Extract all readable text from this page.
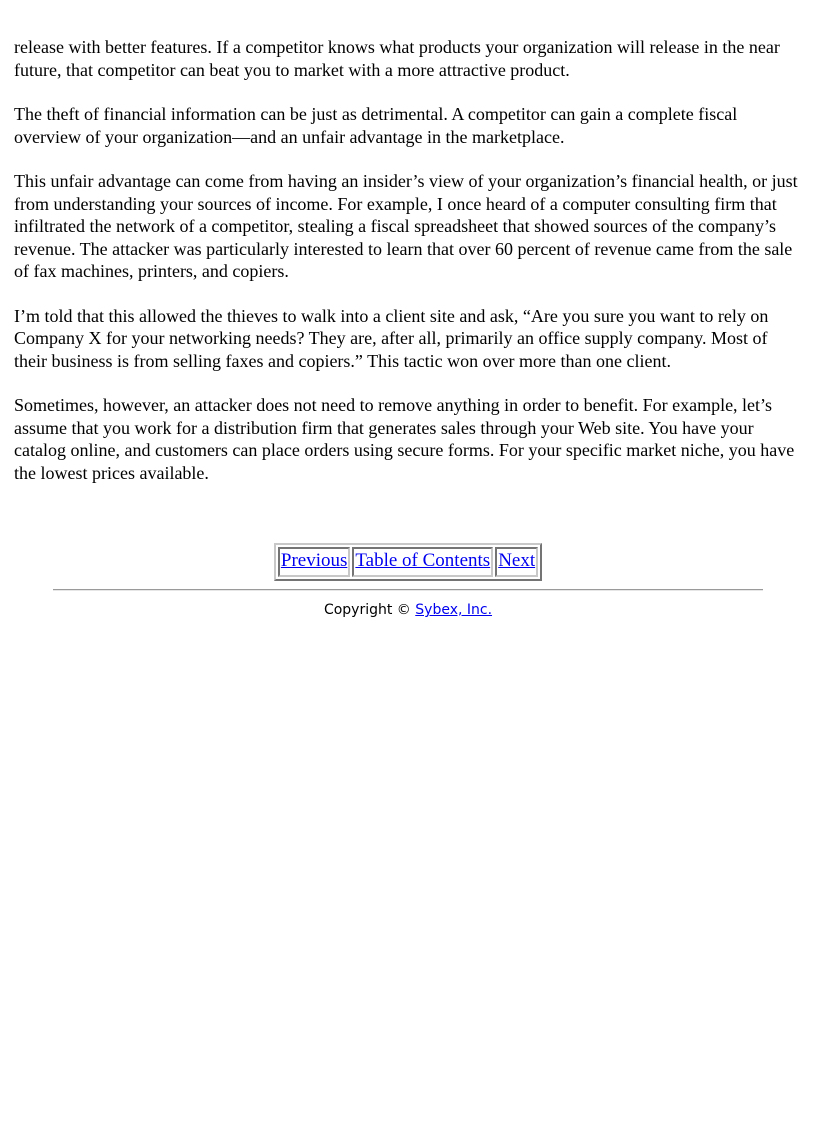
release with better features. If a competitor knows what products your organization will release in the near future, that competitor can beat you to market with a more attractive product.

The theft of financial information can be just as detrimental. A competitor can gain a complete fiscal overview of your organization—and an unfair advantage in the marketplace.

This unfair advantage can come from having an insider’s view of your organization’s financial health, or just from understanding your sources of income. For example, I once heard of a computer consulting firm that infiltrated the network of a competitor, stealing a fiscal spreadsheet that showed sources of the company’s revenue. The attacker was particularly interested to learn that over 60 percent of revenue came from the sale of fax machines, printers, and copiers.

I’m told that this allowed the thieves to walk into a client site and ask, “Are you sure you want to rely on Company X for your networking needs? They are, after all, primarily an office supply company. Most of their business is from selling faxes and copiers.” This tactic won over more than one client.

Sometimes, however, an attacker does not need to remove anything in order to benefit. For example, let’s assume that you work for a distribution firm that generates sales through your Web site. You have your catalog online, and customers can place orders using secure forms. For your specific market niche, you have the lowest prices available.

Previous	Table of Contents	Next
Copyright © Sybex, Inc.
